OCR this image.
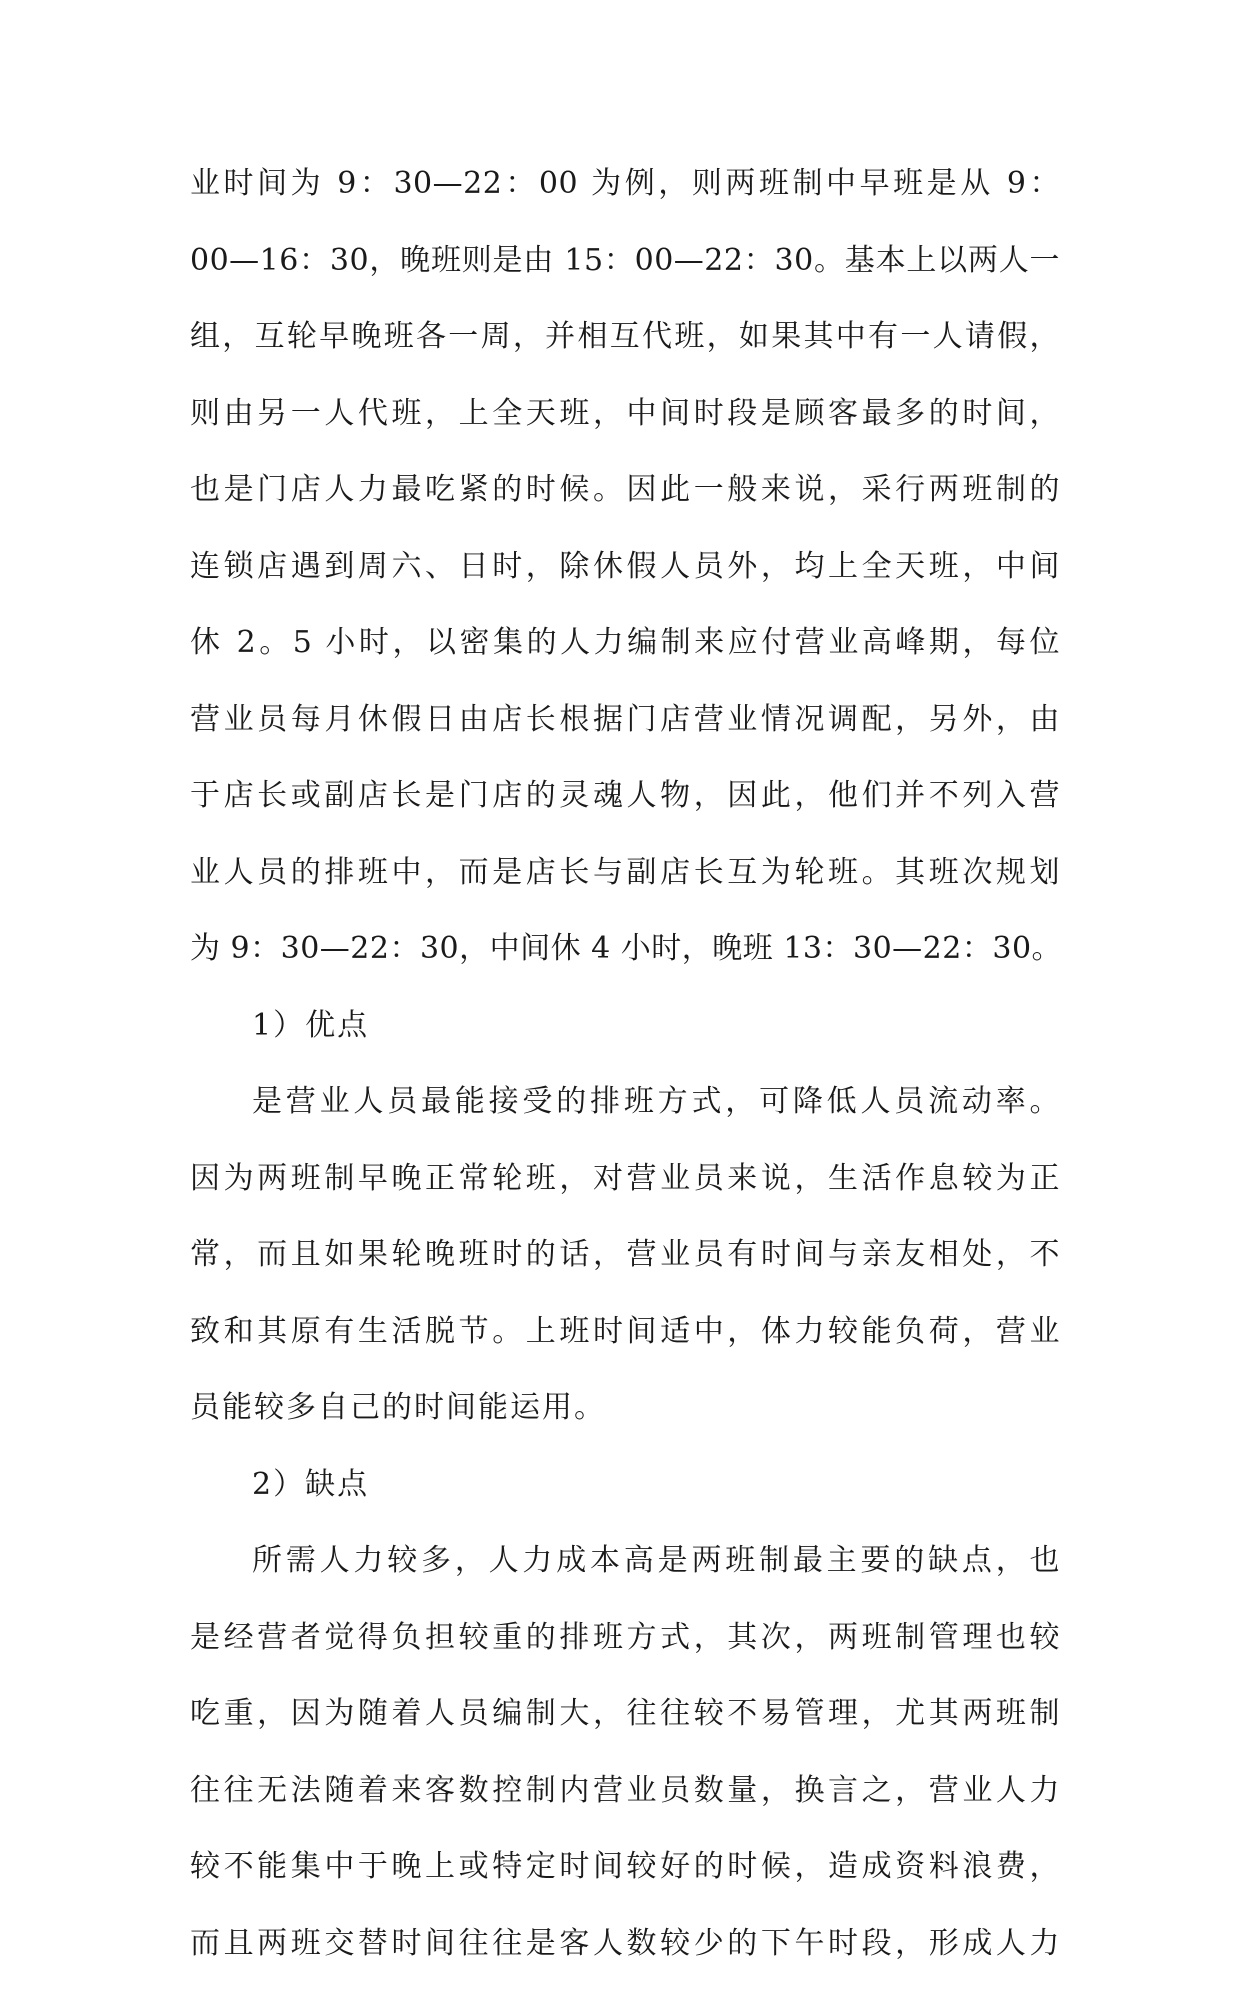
业时间为 9：30—22：00 为例，则两班制中早班是从 9：
00—16：30，晚班则是由 15：00—22：30。基本上以两人一
组，互轮早晚班各一周，并相互代班，如果其中有一人请假，
则由另一人代班，上全天班，中间时段是顾客最多的时间，
也是门店人力最吃紧的时候。因此一般来说，采行两班制的
连锁店遇到周六、日时，除休假人员外，均上全天班，中间
休 2。5 小时，以密集的人力编制来应付营业高峰期，每位
营业员每月休假日由店长根据门店营业情况调配，另外，由
于店长或副店长是门店的灵魂人物，因此，他们并不列入营
业人员的排班中，而是店长与副店长互为轮班。其班次规划
为 9：30—22：30，中间休 4 小时，晚班 13：30—22：30。
1）优点
是营业人员最能接受的排班方式，可降低人员流动率。
因为两班制早晚正常轮班，对营业员来说，生活作息较为正
常，而且如果轮晚班时的话，营业员有时间与亲友相处，不
致和其原有生活脱节。上班时间适中，体力较能负荷，营业
员能较多自己的时间能运用。
2）缺点
所需人力较多，人力成本高是两班制最主要的缺点，也
是经营者觉得负担较重的排班方式，其次，两班制管理也较
吃重，因为随着人员编制大，往往较不易管理，尤其两班制
往往无法随着来客数控制内营业员数量，换言之，营业人力
较不能集中于晚上或特定时间较好的时候，造成资料浪费，
而且两班交替时间往往是客人数较少的下午时段，形成人力
